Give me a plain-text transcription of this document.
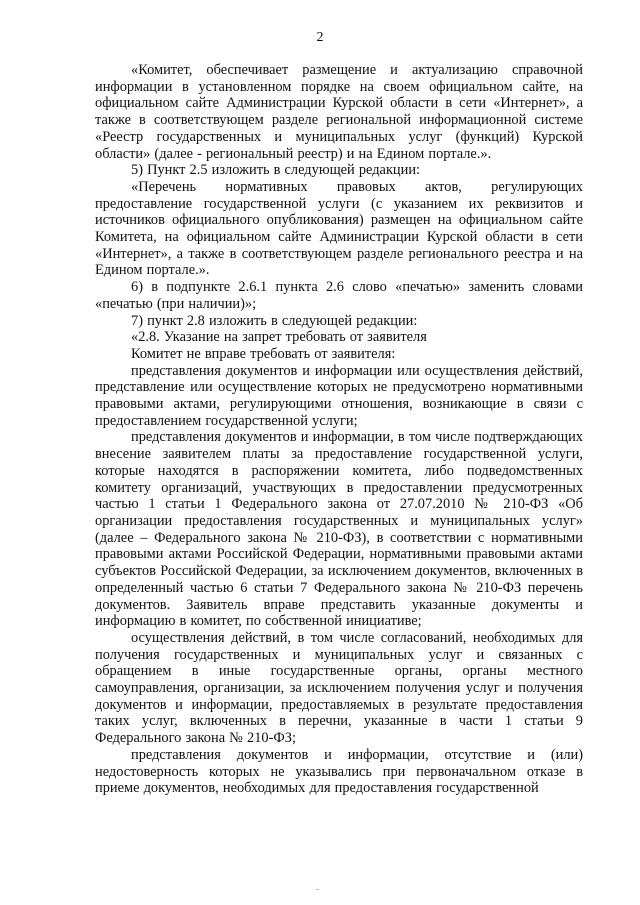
2

«Комитет, обеспечивает размещение и актуализацию справочной информации в установленном порядке на своем официальном сайте, на официальном сайте Администрации Курской области в сети «Интернет», а также в соответствующем разделе региональной информационной системе «Реестр государственных и муниципальных услуг (функций) Курской области» (далее - региональный реестр) и на Едином портале.».

5) Пункт 2.5 изложить в следующей редакции:

«Перечень нормативных правовых актов, регулирующих предоставление государственной услуги (с указанием их реквизитов и источников официального опубликования) размещен на официальном сайте Комитета, на официальном сайте Администрации Курской области в сети «Интернет», а также в соответствующем разделе регионального реестра и на Едином портале.».

6) в подпункте 2.6.1 пункта 2.6 слово «печатью» заменить словами «печатью (при наличии)»;

7) пункт 2.8 изложить в следующей редакции:

«2.8. Указание на запрет требовать от заявителя

Комитет не вправе требовать от заявителя:

представления документов и информации или осуществления действий, представление или осуществление которых не предусмотрено нормативными правовыми актами, регулирующими отношения, возникающие в связи с предоставлением государственной услуги;

представления документов и информации, в том числе подтверждающих внесение заявителем платы за предоставление государственной услуги, которые находятся в распоряжении комитета, либо подведомственных комитету организаций, участвующих в предоставлении предусмотренных частью 1 статьи 1 Федерального закона от 27.07.2010 № 210-ФЗ «Об организации предоставления государственных и муниципальных услуг» (далее – Федерального закона № 210-ФЗ), в соответствии с нормативными правовыми актами Российской Федерации, нормативными правовыми актами субъектов Российской Федерации, за исключением документов, включенных в определенный частью 6 статьи 7 Федерального закона № 210-ФЗ перечень документов. Заявитель вправе представить указанные документы и информацию в комитет, по собственной инициативе;

осуществления действий, в том числе согласований, необходимых для получения государственных и муниципальных услуг и связанных с обращением в иные государственные органы, органы местного самоуправления, организации, за исключением получения услуг и получения документов и информации, предоставляемых в результате предоставления таких услуг, включенных в перечни, указанные в части 1 статьи 9 Федерального закона № 210-ФЗ;

представления документов и информации, отсутствие и (или) недостоверность которых не указывались при первоначальном отказе в приеме документов, необходимых для предоставления государственной
